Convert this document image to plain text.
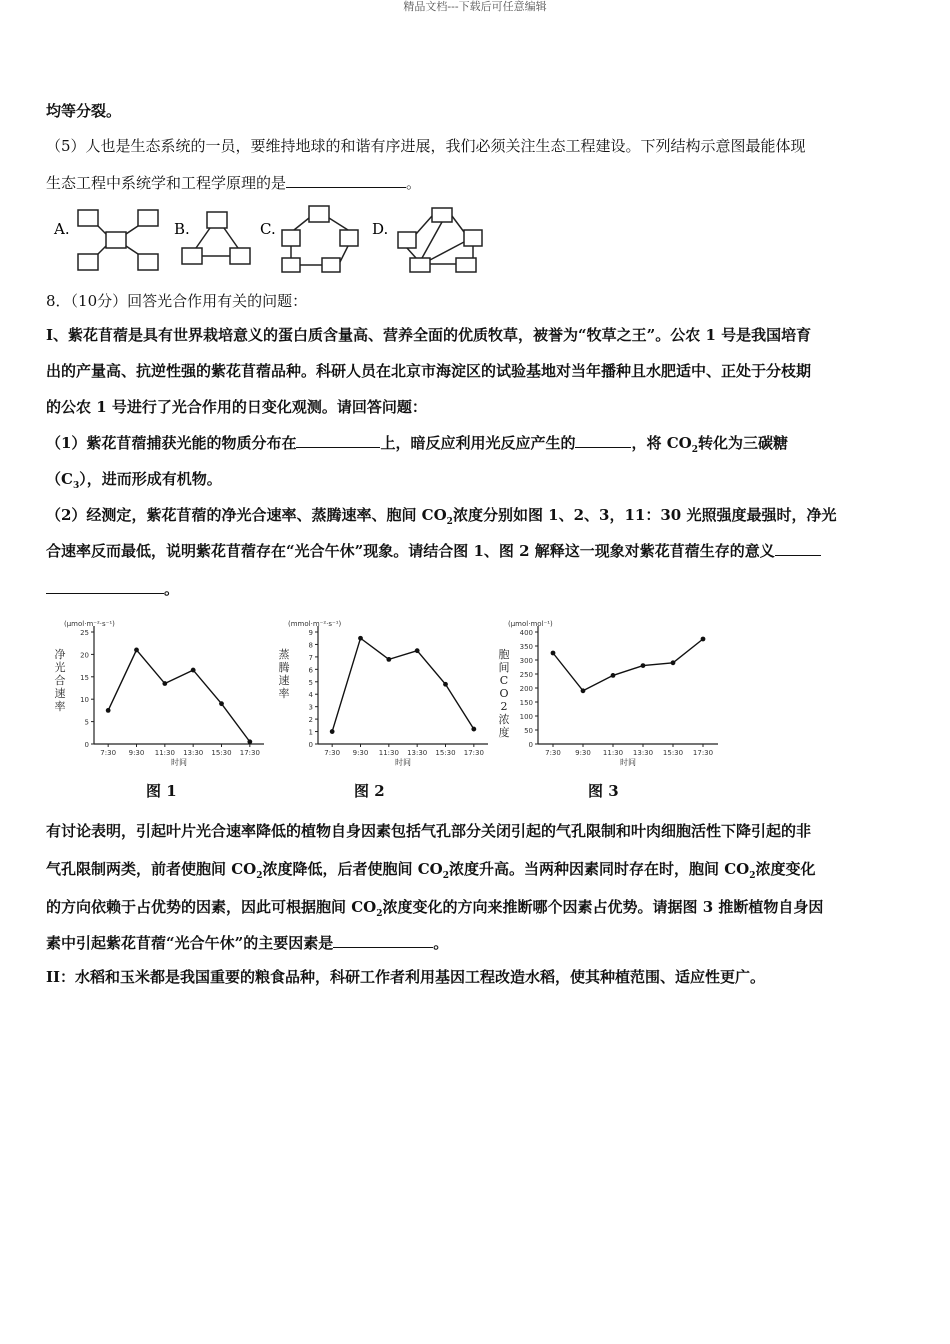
精品文档---下载后可任意编辑
均等分裂。
（5）人也是生态系统的一员，要维持地球的和谐有序进展，我们必须关注生态工程建设。下列结构示意图最能体现
生态工程中系统学和工程学原理的是	。
A.	B.	C.	D.
8．（10分）回答光合作用有关的问题：
I、紫花苜蓿是具有世界栽培意义的蛋白质含量高、营养全面的优质牧草，被誉为“牧草之王”。公农 1 号是我国培育
出的产量高、抗逆性强的紫花苜蓿品种。科研人员在北京市海淀区的试验基地对当年播种且水肥适中、正处于分枝期
的公农 1 号进行了光合作用的日变化观测。请回答问题：
（1）紫花苜蓿捕获光能的物质分布在	上，暗反应利用光反应产生的	，将 $CO_2$转化为三碳糖
$(C_3)$，进而形成有机物。
（2）经测定，紫花苜蓿的净光合速率、蒸腾速率、胞间 $CO_2$浓度分别如图 1、2、3，11：30 光照强度最强时，净光
合速率反而最低，说明紫花苜蓿存在“光合午休”现象。请结合图 1、图 2 解释这一现象对紫花苜蓿生存的意义
。
(μmol·m⁻²·s⁻¹)
0
5
10
15
20
25
7:30 9:30 11:30 13:30 15:30 17:30
时间
净光合速率
(mmol·m⁻²·s⁻¹)
0
1
2
3
4
5
6
7
8
9
7:30 9:30 11:30 13:30 15:30 17:30
时间
蒸腾速率
(μmol·mol⁻¹)
0
50
100
150
200
250
300
350
400
7:30 9:30 11:30 13:30 15:30 17:30
时间
胞间 C O 2 浓度
图 1	图 2	图 3
有讨论表明，引起叶片光合速率降低的植物自身因素包括气孔部分关闭引起的气孔限制和叶肉细胞活性下降引起的非
气孔限制两类，前者使胞间 $CO_2$浓度降低，后者使胞间 $CO_2$浓度升高。当两种因素同时存在时，胞间 $CO_2$浓度变化
的方向依赖于占优势的因素，因此可根据胞间 $CO_2$浓度变化的方向来推断哪个因素占优势。请据图 3 推断植物自身因
素中引起紫花苜蓿“光合午休”的主要因素是	。
II：水稻和玉米都是我国重要的粮食品种，科研工作者利用基因工程改造水稻，使其种植范围、适应性更广。
